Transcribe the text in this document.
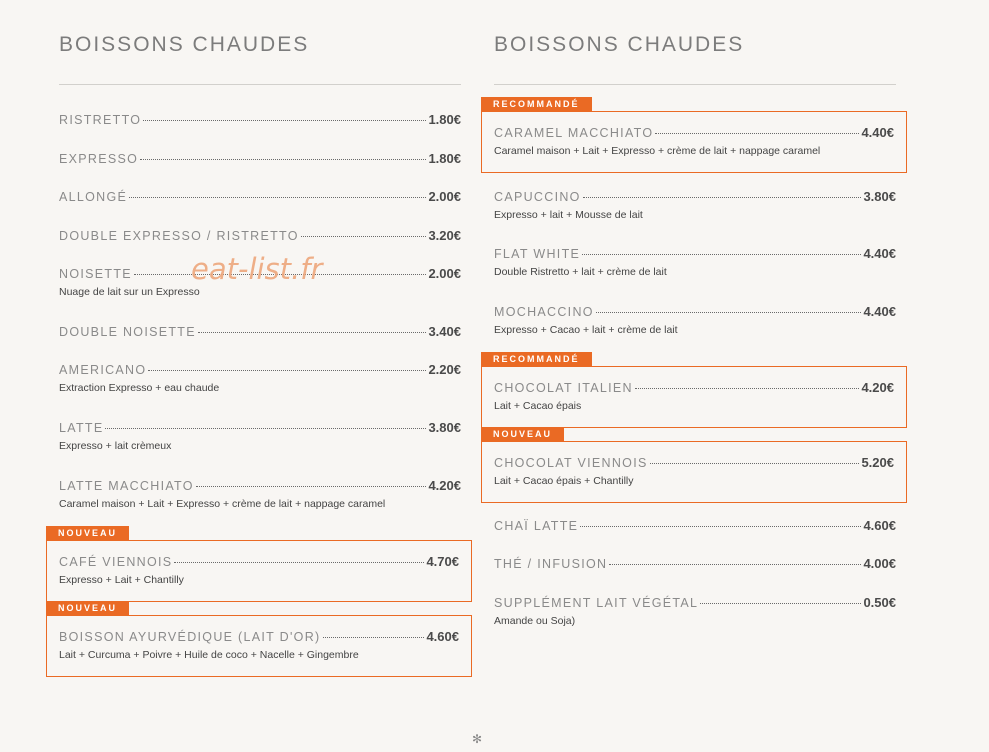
BOISSONS CHAUDES
RISTRETTO	1.80€
EXPRESSO	1.80€
ALLONGÉ	2.00€
DOUBLE EXPRESSO / RISTRETTO	3.20€
NOISETTE	2.00€
Nuage de lait sur un Expresso
DOUBLE NOISETTE	3.40€
AMERICANO	2.20€
Extraction Expresso + eau chaude
LATTE	3.80€
Expresso + lait crèmeux
LATTE MACCHIATO	4.20€
Caramel maison + Lait + Expresso + crème de lait + nappage caramel
NOUVEAU
CAFÉ VIENNOIS	4.70€
Expresso + Lait + Chantilly
NOUVEAU
BOISSON AYURVÉDIQUE (LAIT D'OR)	4.60€
Lait + Curcuma + Poivre + Huile de coco + Nacelle + Gingembre
BOISSONS CHAUDES
RECOMMANDÉ
CARAMEL MACCHIATO	4.40€
Caramel maison + Lait + Expresso + crème de lait + nappage caramel
CAPUCCINO	3.80€
Expresso + lait + Mousse de lait
FLAT WHITE	4.40€
Double Ristretto + lait + crème de lait
MOCHACCINO	4.40€
Expresso + Cacao + lait + crème de lait
RECOMMANDÉ
CHOCOLAT ITALIEN	4.20€
Lait + Cacao épais
NOUVEAU
CHOCOLAT VIENNOIS	5.20€
Lait + Cacao épais + Chantilly
CHAÏ LATTE	4.60€
THÉ / INFUSION	4.00€
SUPPLÉMENT LAIT VÉGÉTAL	0.50€
Amande ou Soja)
eat-list.fr
✻
